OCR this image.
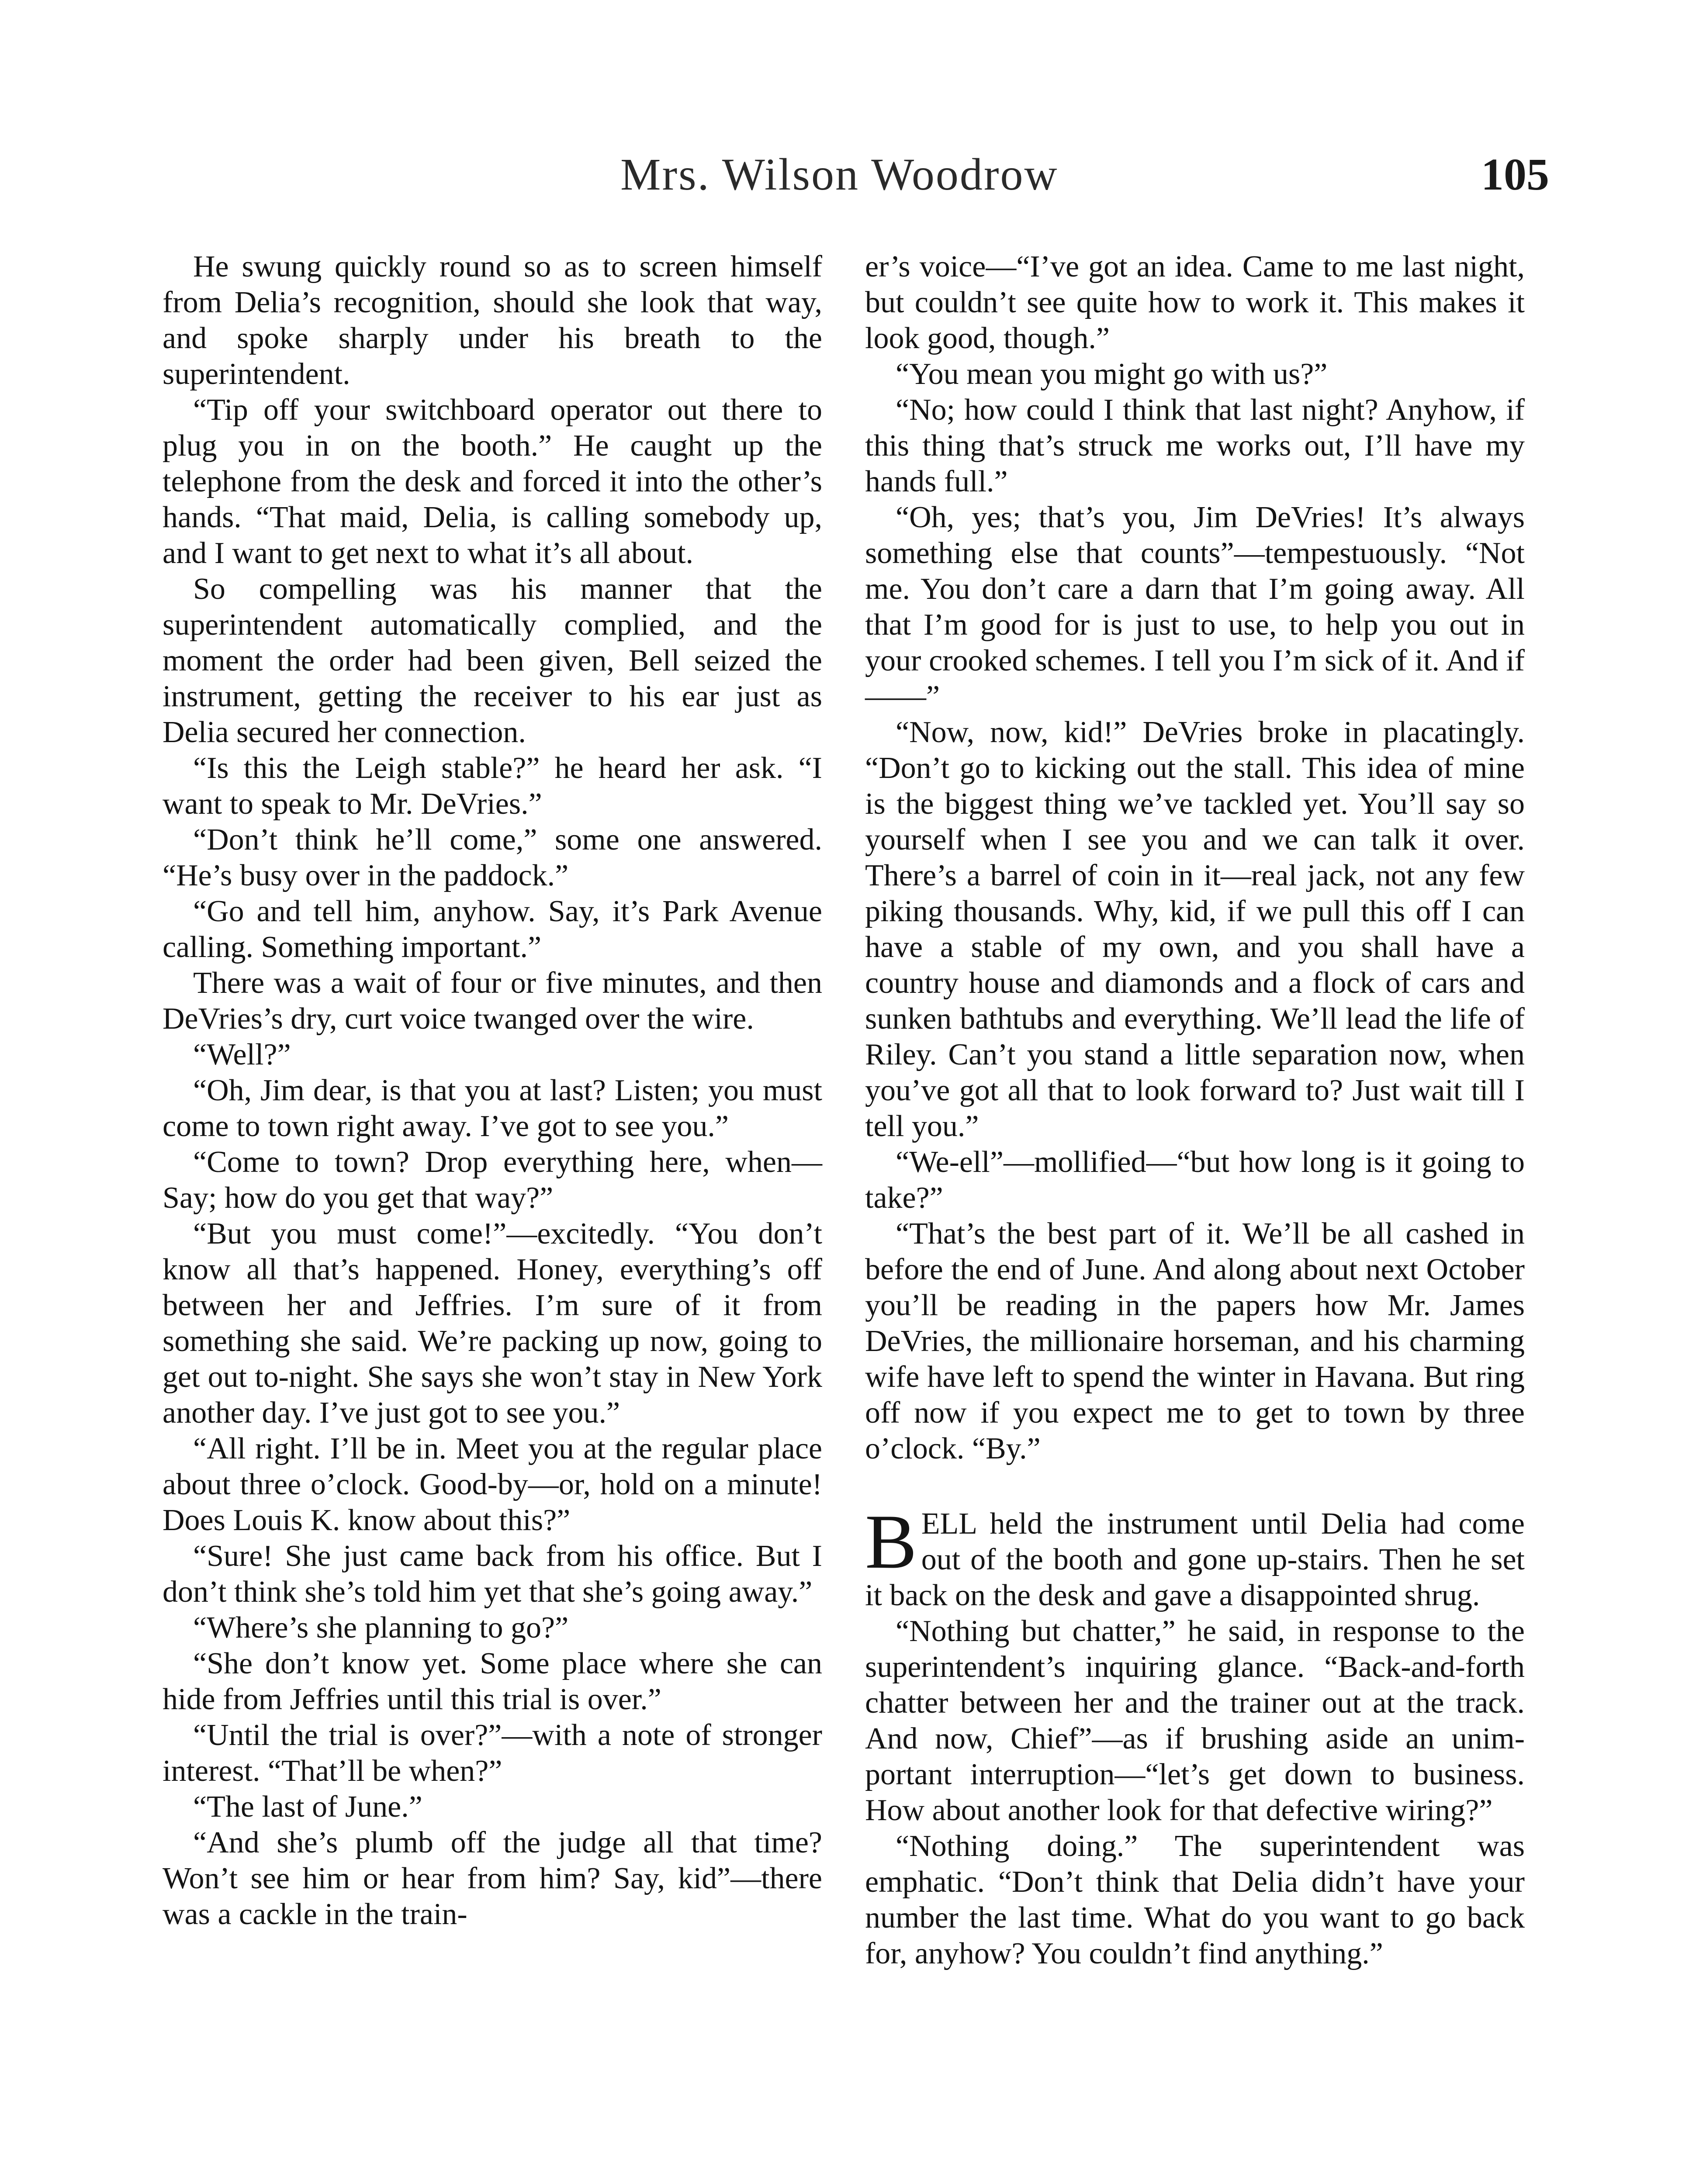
Mrs. Wilson Woodrow	105

He swung quickly round so as to screen himself from Delia’s recognition, should she look that way, and spoke sharply under his breath to the superintendent.

“Tip off your switchboard operator out there to plug you in on the booth.” He caught up the telephone from the desk and forced it into the other’s hands. “That maid, Delia, is calling somebody up, and I want to get next to what it’s all about.

So compelling was his manner that the superintendent automatically complied, and the moment the order had been given, Bell seized the instrument, getting the receiver to his ear just as Delia secured her connection.

“Is this the Leigh stable?” he heard her ask. “I want to speak to Mr. DeVries.”

“Don’t think he’ll come,” some one answered. “He’s busy over in the paddock.”

“Go and tell him, anyhow. Say, it’s Park Avenue calling. Something important.”

There was a wait of four or five minutes, and then DeVries’s dry, curt voice twanged over the wire.

“Well?”

“Oh, Jim dear, is that you at last? Listen; you must come to town right away. I’ve got to see you.”

“Come to town? Drop everything here, when— Say; how do you get that way?”

“But you must come!”—excitedly. “You don’t know all that’s happened. Honey, everything’s off between her and Jeffries. I’m sure of it from something she said. We’re packing up now, going to get out to-night. She says she won’t stay in New York another day. I’ve just got to see you.”

“All right. I’ll be in. Meet you at the regular place about three o’clock. Good-by—or, hold on a minute! Does Louis K. know about this?”

“Sure! She just came back from his office. But I don’t think she’s told him yet that she’s going away.”

“Where’s she planning to go?”

“She don’t know yet. Some place where she can hide from Jeffries until this trial is over.”

“Until the trial is over?”—with a note of stronger interest. “That’ll be when?”

“The last of June.”

“And she’s plumb off the judge all that time? Won’t see him or hear from him? Say, kid”—there was a cackle in the train-

er’s voice—“I’ve got an idea. Came to me last night, but couldn’t see quite how to work it. This makes it look good, though.”

“You mean you might go with us?”

“No; how could I think that last night? Anyhow, if this thing that’s struck me works out, I’ll have my hands full.”

“Oh, yes; that’s you, Jim DeVries! It’s always something else that counts”—tempestuously. “Not me. You don’t care a darn that I’m going away. All that I’m good for is just to use, to help you out in your crooked schemes. I tell you I’m sick of it. And if——”

“Now, now, kid!” DeVries broke in placatingly. “Don’t go to kicking out the stall. This idea of mine is the biggest thing we’ve tackled yet. You’ll say so yourself when I see you and we can talk it over. There’s a barrel of coin in it—real jack, not any few piking thousands. Why, kid, if we pull this off I can have a stable of my own, and you shall have a country house and diamonds and a flock of cars and sunken bathtubs and everything. We’ll lead the life of Riley. Can’t you stand a little separation now, when you’ve got all that to look forward to? Just wait till I tell you.”

“We-ell”—mollified—“but how long is it going to take?”

“That’s the best part of it. We’ll be all cashed in before the end of June. And along about next October you’ll be reading in the papers how Mr. James DeVries, the millionaire horseman, and his charming wife have left to spend the winter in Havana. But ring off now if you expect me to get to town by three o’clock. “By.”

BELL held the instrument until Delia had come out of the booth and gone up-stairs. Then he set it back on the desk and gave a disappointed shrug.

“Nothing but chatter,” he said, in response to the superintendent’s inquiring glance. “Back-and-forth chatter between her and the trainer out at the track. And now, Chief”—as if brushing aside an unimportant interruption—“let’s get down to business. How about another look for that defective wiring?”

“Nothing doing.” The superintendent was emphatic. “Don’t think that Delia didn’t have your number the last time. What do you want to go back for, anyhow? You couldn’t find anything.”
